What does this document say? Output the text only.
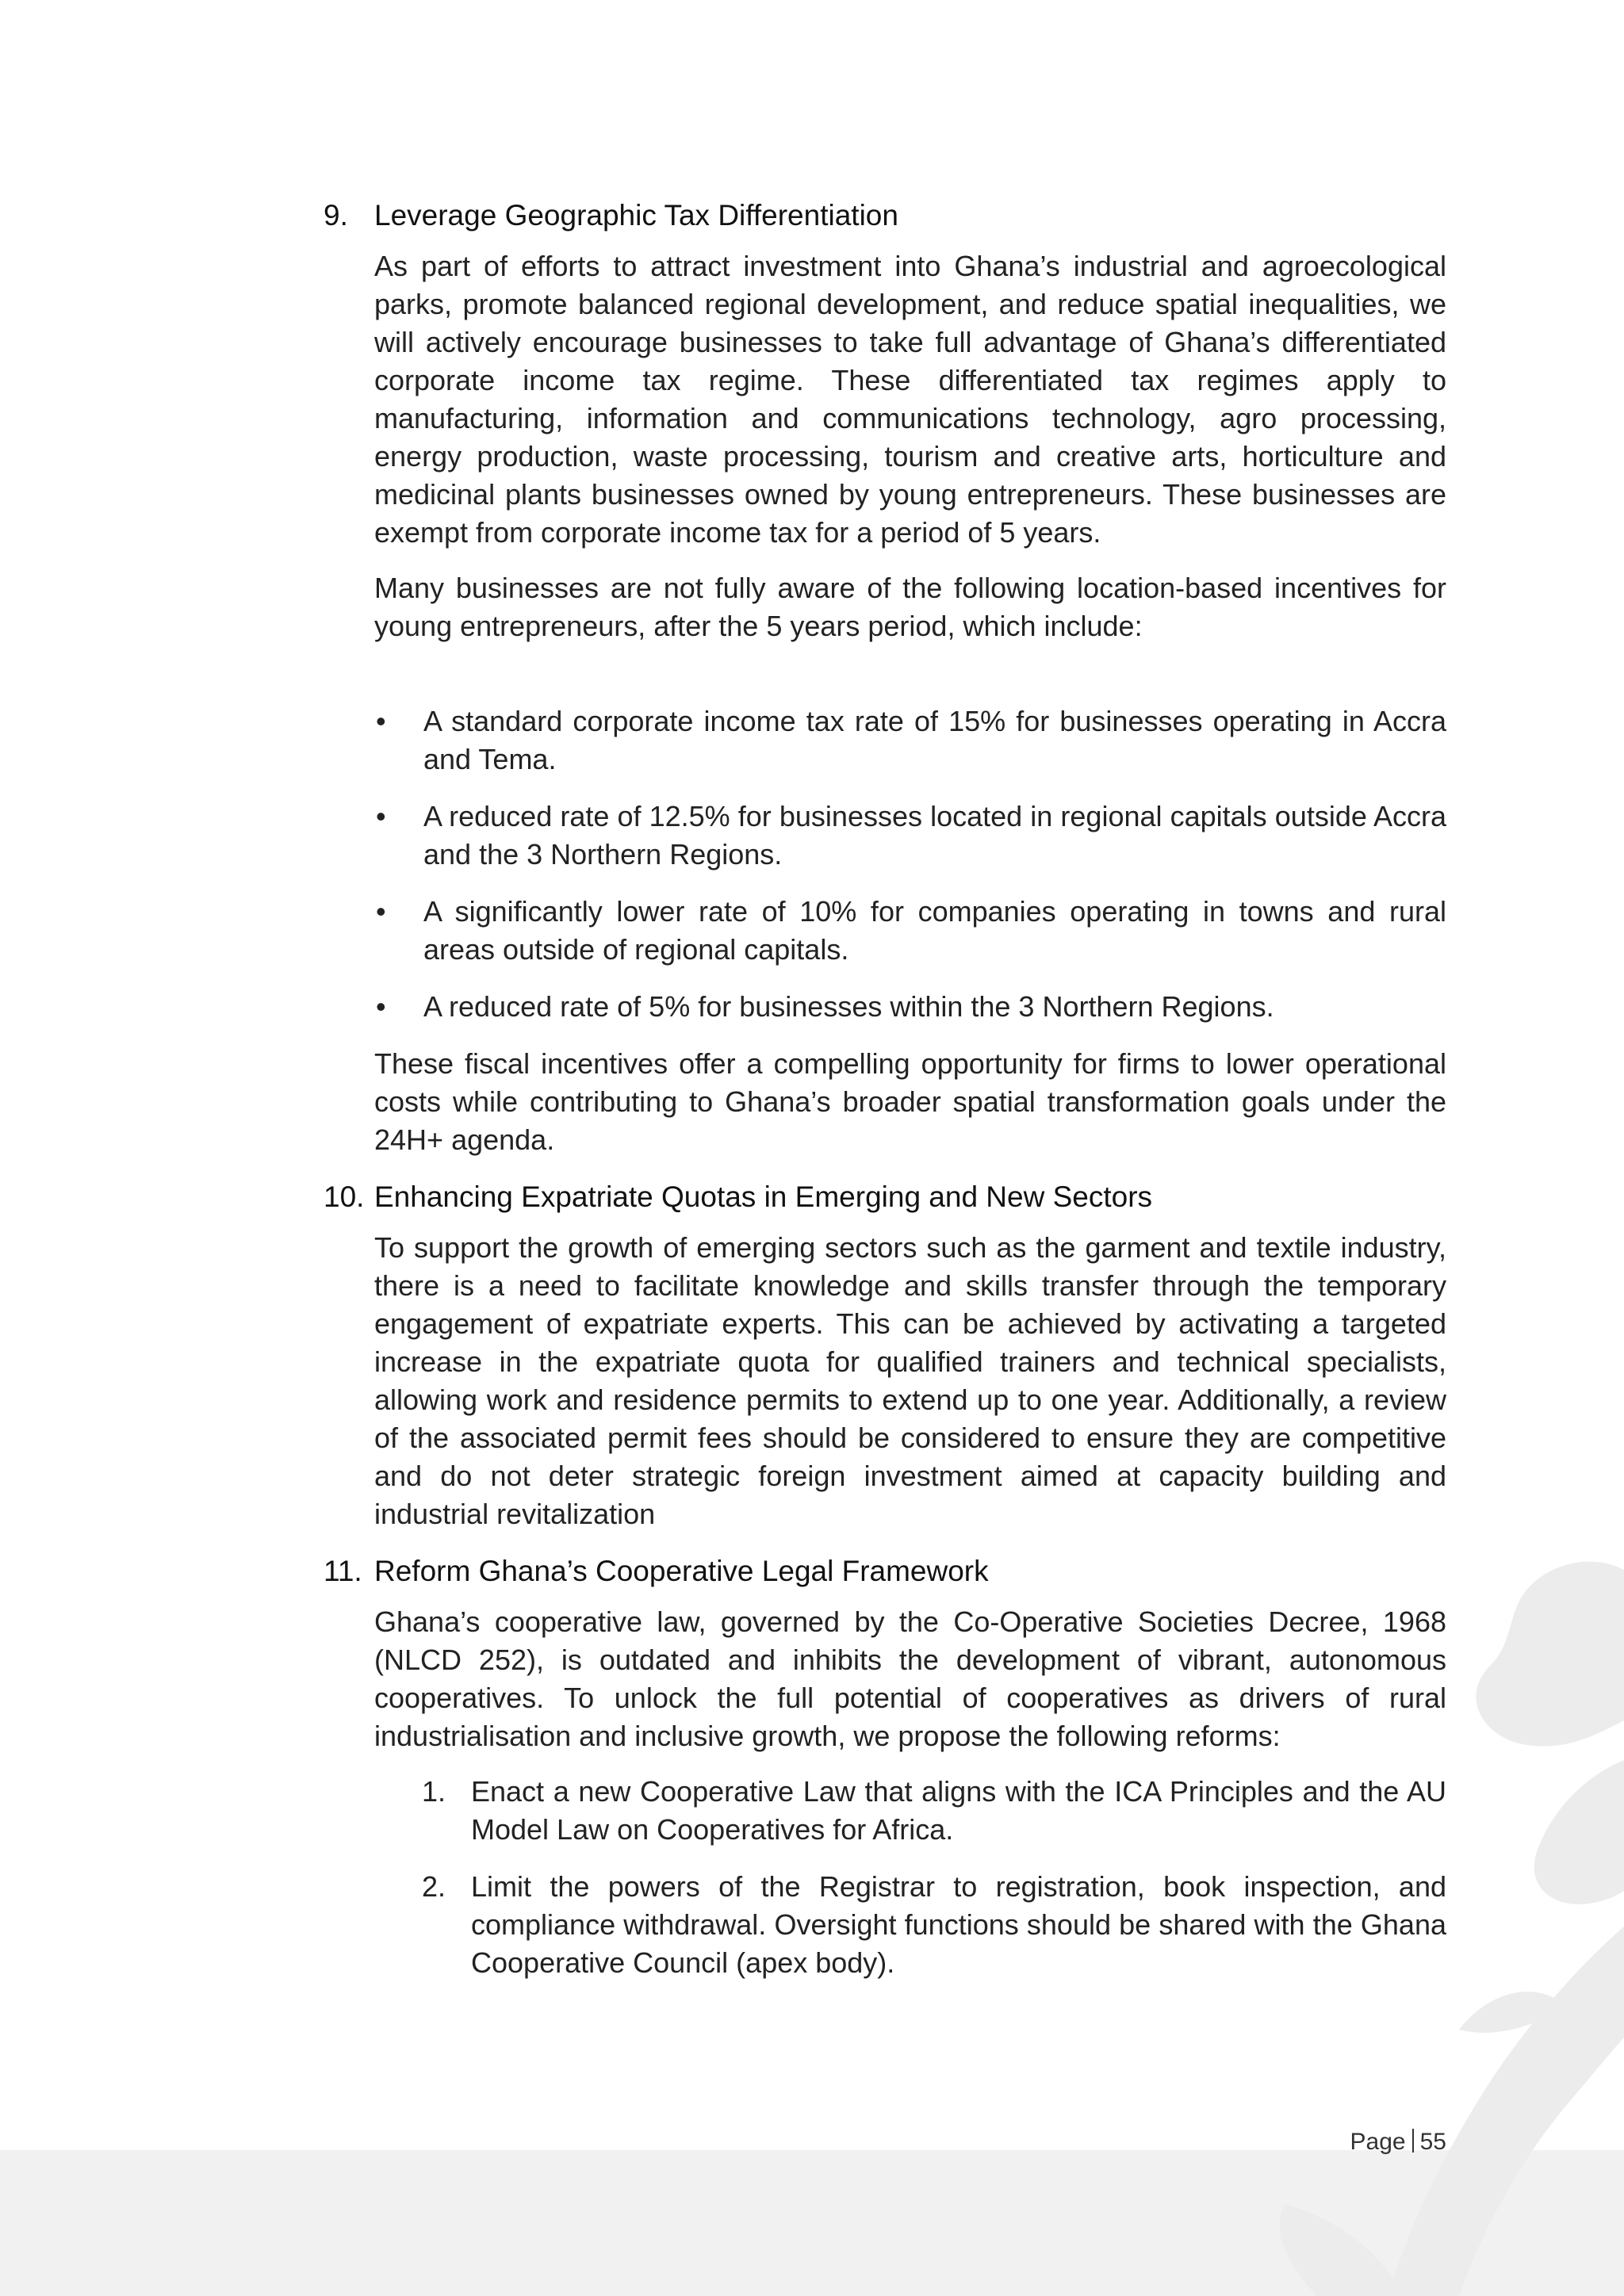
9. Leverage Geographic Tax Differentiation

As part of efforts to attract investment into Ghana’s industrial and agroecological parks, promote balanced regional development, and reduce spatial inequalities, we will actively encourage businesses to take full advantage of Ghana’s differentiated corporate income tax regime. These differentiated tax regimes apply to manufacturing, information and communications technology, agro processing, energy production, waste processing, tourism and creative arts, horticulture and medicinal plants businesses owned by young entrepreneurs. These businesses are exempt from corporate income tax for a period of 5 years.

Many businesses are not fully aware of the following location-based incentives for young entrepreneurs, after the 5 years period, which include:

• A standard corporate income tax rate of 15% for businesses operating in Accra and Tema.
• A reduced rate of 12.5% for businesses located in regional capitals outside Accra and the 3 Northern Regions.
• A significantly lower rate of 10% for companies operating in towns and rural areas outside of regional capitals.
• A reduced rate of 5% for businesses within the 3 Northern Regions.

These fiscal incentives offer a compelling opportunity for firms to lower operational costs while contributing to Ghana’s broader spatial transformation goals under the 24H+ agenda.

10. Enhancing Expatriate Quotas in Emerging and New Sectors

To support the growth of emerging sectors such as the garment and textile industry, there is a need to facilitate knowledge and skills transfer through the temporary engagement of expatriate experts. This can be achieved by activating a targeted increase in the expatriate quota for qualified trainers and technical specialists, allowing work and residence permits to extend up to one year. Additionally, a review of the associated permit fees should be considered to ensure they are competitive and do not deter strategic foreign investment aimed at capacity building and industrial revitalization

11. Reform Ghana’s Cooperative Legal Framework

Ghana’s cooperative law, governed by the Co-Operative Societies Decree, 1968 (NLCD 252), is outdated and inhibits the development of vibrant, autonomous cooperatives. To unlock the full potential of cooperatives as drivers of rural industrialisation and inclusive growth, we propose the following reforms:

1. Enact a new Cooperative Law that aligns with the ICA Principles and the AU Model Law on Cooperatives for Africa.
2. Limit the powers of the Registrar to registration, book inspection, and compliance withdrawal. Oversight functions should be shared with the Ghana Cooperative Council (apex body).
Page 55
